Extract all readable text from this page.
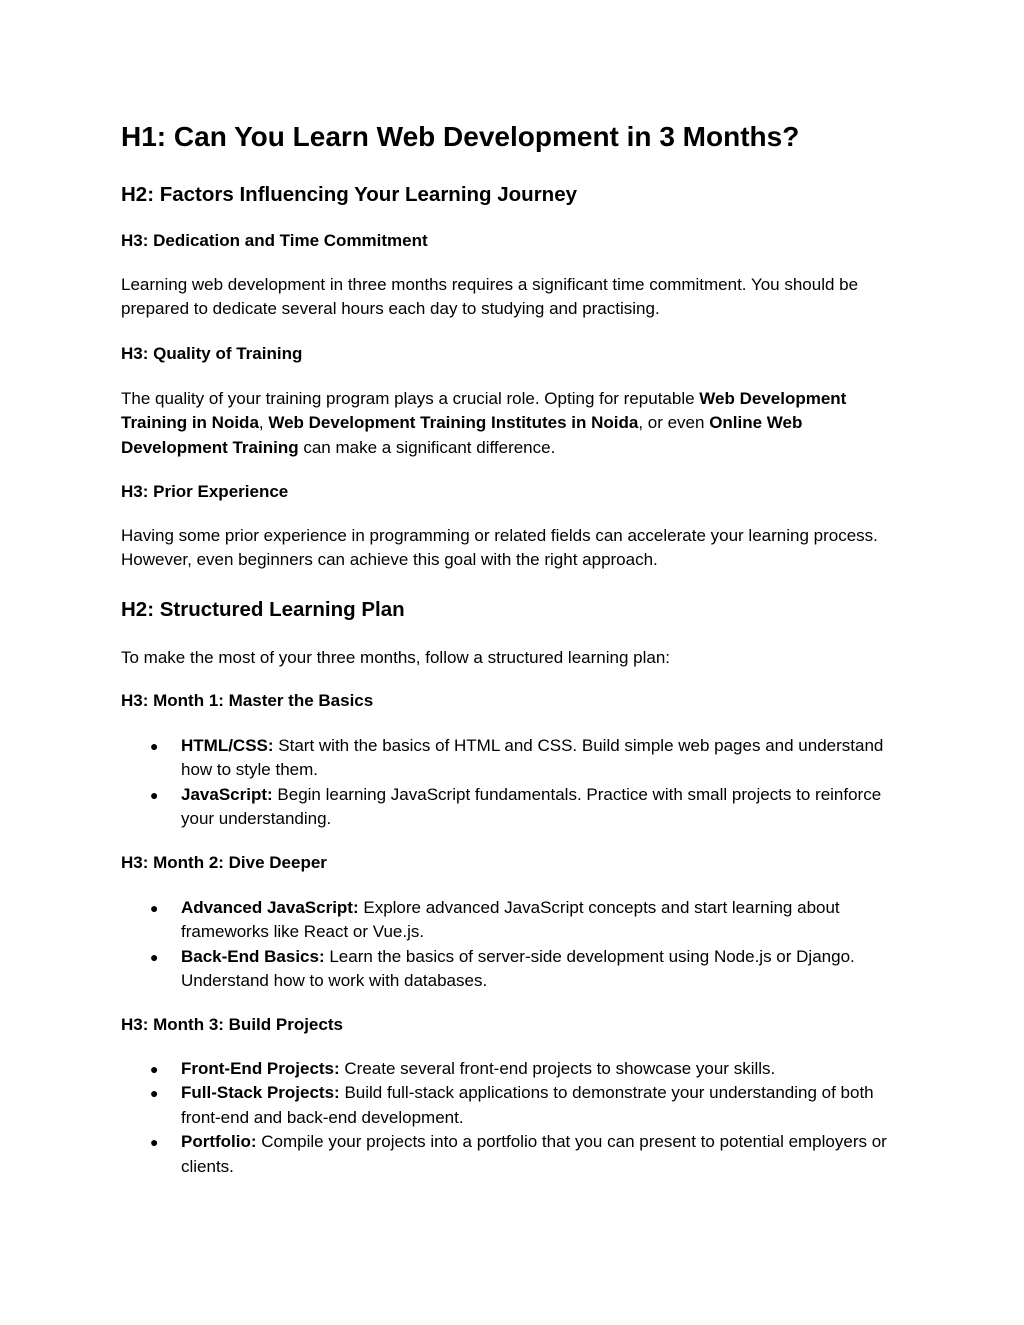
H1: Can You Learn Web Development in 3 Months?
H2: Factors Influencing Your Learning Journey
H3: Dedication and Time Commitment

Learning web development in three months requires a significant time commitment. You should be prepared to dedicate several hours each day to studying and practising.

H3: Quality of Training

The quality of your training program plays a crucial role. Opting for reputable Web Development Training in Noida, Web Development Training Institutes in Noida, or even Online Web Development Training can make a significant difference.

H3: Prior Experience

Having some prior experience in programming or related fields can accelerate your learning process. However, even beginners can achieve this goal with the right approach.

H2: Structured Learning Plan

To make the most of your three months, follow a structured learning plan:

H3: Month 1: Master the Basics
● HTML/CSS: Start with the basics of HTML and CSS. Build simple web pages and understand how to style them.
● JavaScript: Begin learning JavaScript fundamentals. Practice with small projects to reinforce your understanding.
H3: Month 2: Dive Deeper
● Advanced JavaScript: Explore advanced JavaScript concepts and start learning about frameworks like React or Vue.js.
● Back-End Basics: Learn the basics of server-side development using Node.js or Django. Understand how to work with databases.
H3: Month 3: Build Projects
● Front-End Projects: Create several front-end projects to showcase your skills.
● Full-Stack Projects: Build full-stack applications to demonstrate your understanding of both front-end and back-end development.
● Portfolio: Compile your projects into a portfolio that you can present to potential employers or clients.
